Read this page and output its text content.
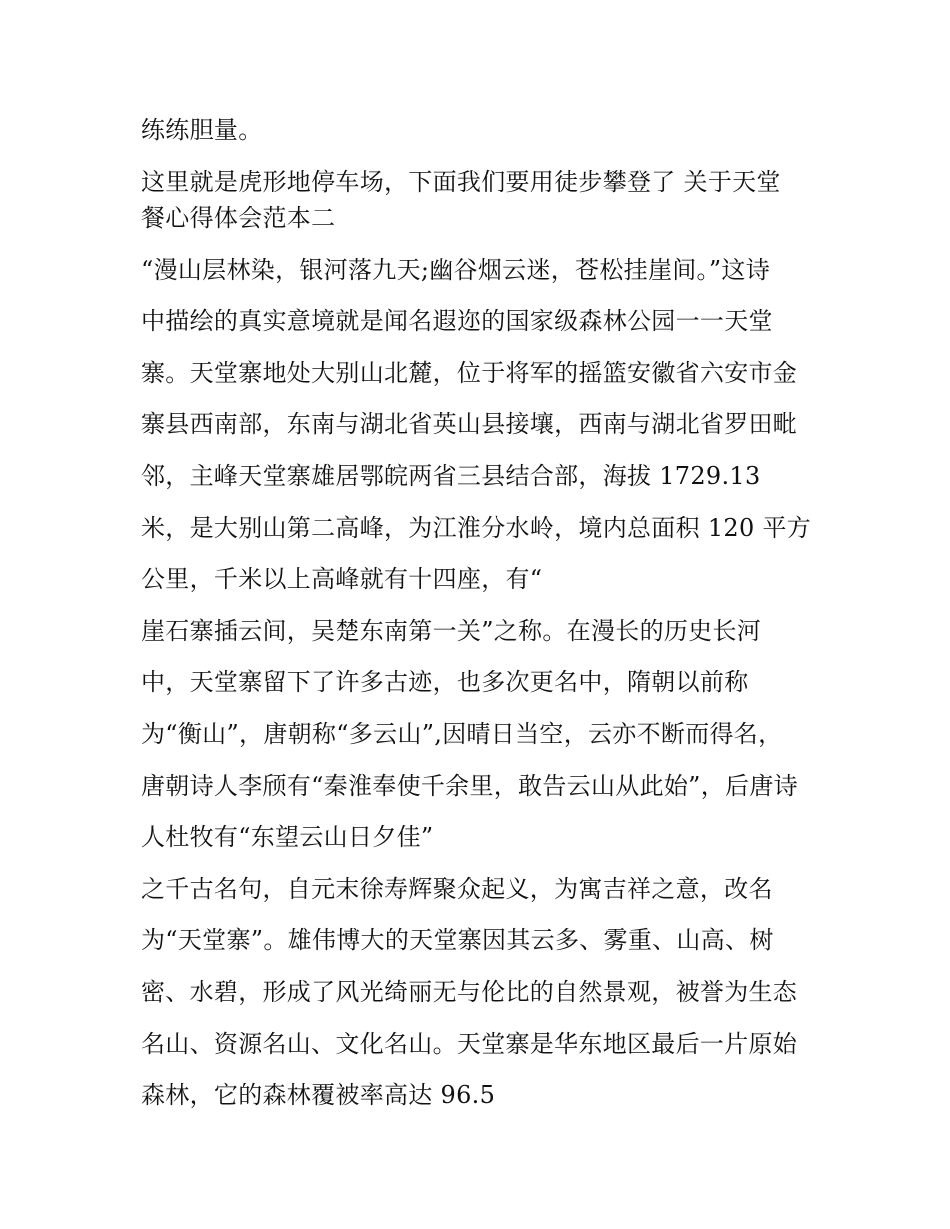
练练胆量。
这里就是虎形地停车场，下面我们要用徒步攀登了 关于天堂
餐心得体会范本二
“漫山层林染，银河落九天;幽谷烟云迷，苍松挂崖间。”这诗
中描绘的真实意境就是闻名遐迩的国家级森林公园一一天堂
寨。天堂寨地处大别山北麓，位于将军的摇篮安徽省六安市金
寨县西南部，东南与湖北省英山县接壤，西南与湖北省罗田毗
邻，主峰天堂寨雄居鄂皖两省三县结合部，海拔 1729.13
米，是大别山第二高峰，为江淮分水岭，境内总面积 120 平方
公里，千米以上高峰就有十四座，有“
崖石寨插云间，吴楚东南第一关”之称。在漫长的历史长河
中，天堂寨留下了许多古迹，也多次更名中，隋朝以前称
为“衡山”，唐朝称“多云山”,因晴日当空，云亦不断而得名，
唐朝诗人李颀有“秦淮奉使千余里，敢告云山从此始”，后唐诗
人杜牧有“东望云山日夕佳”
之千古名句，自元末徐寿辉聚众起义，为寓吉祥之意，改名
为“天堂寨”。雄伟博大的天堂寨因其云多、雾重、山高、树
密、水碧，形成了风光绮丽无与伦比的自然景观，被誉为生态
名山、资源名山、文化名山。天堂寨是华东地区最后一片原始
森林，它的森林覆被率高达 96.5
